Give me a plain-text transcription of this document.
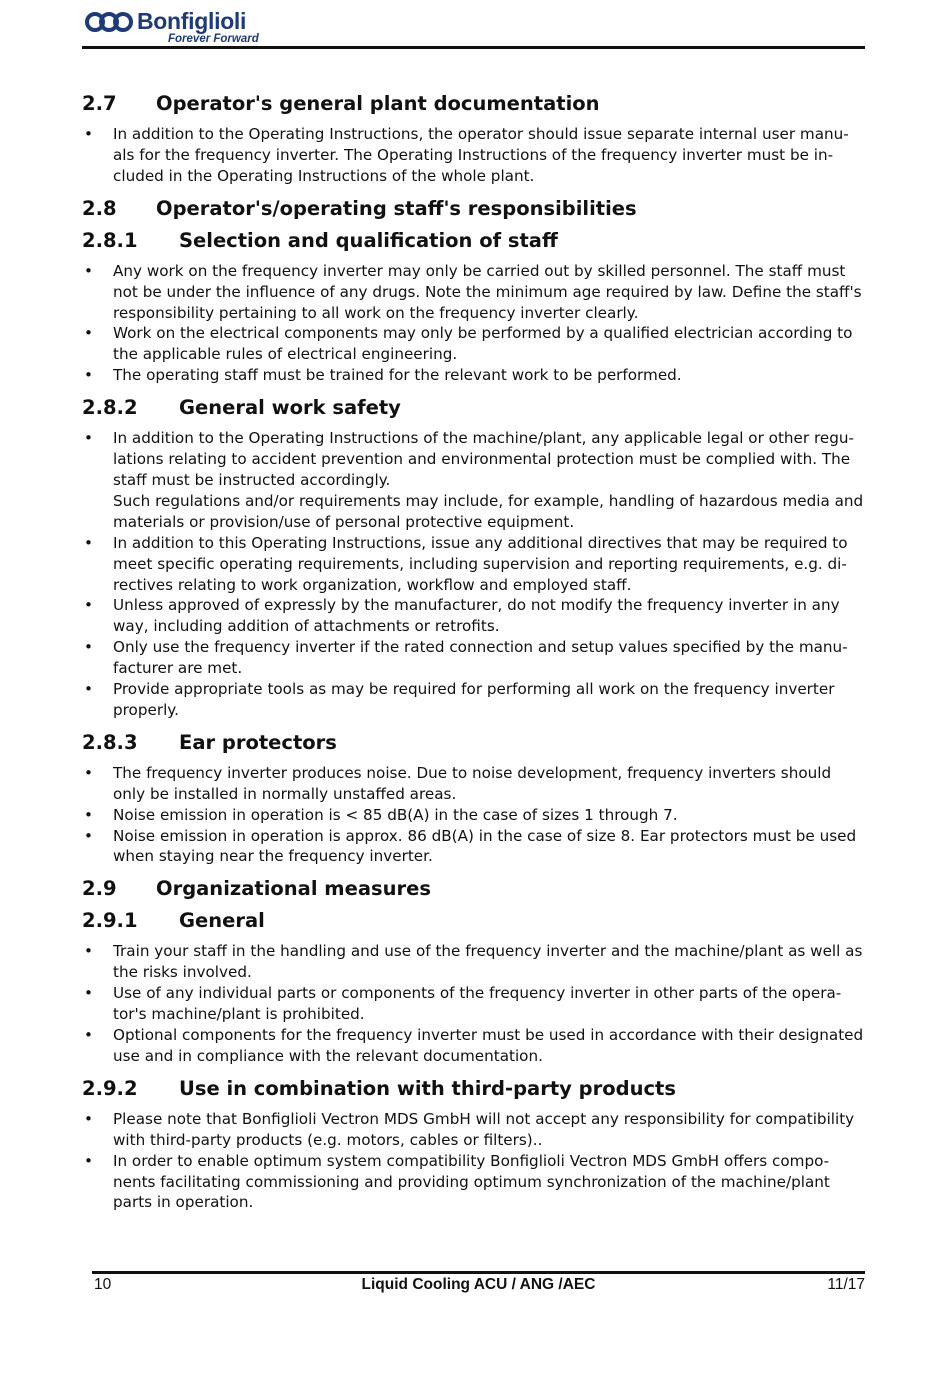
Bonfiglioli
Forever Forward
2.7 Operator's general plant documentation
• In addition to the Operating Instructions, the operator should issue separate internal user manu-als for the frequency inverter. The Operating Instructions of the frequency inverter must be in-cluded in the Operating Instructions of the whole plant.
2.8 Operator's/operating staff's responsibilities
2.8.1 Selection and qualification of staff
• Any work on the frequency inverter may only be carried out by skilled personnel. The staff must not be under the influence of any drugs. Note the minimum age required by law. Define the staff's responsibility pertaining to all work on the frequency inverter clearly.
• Work on the electrical components may only be performed by a qualified electrician according to the applicable rules of electrical engineering.
• The operating staff must be trained for the relevant work to be performed.
2.8.2 General work safety
• In addition to the Operating Instructions of the machine/plant, any applicable legal or other regu-lations relating to accident prevention and environmental protection must be complied with. The staff must be instructed accordingly.

Such regulations and/or requirements may include, for example, handling of hazardous media and materials or provision/use of personal protective equipment.

• In addition to this Operating Instructions, issue any additional directives that may be required to meet specific operating requirements, including supervision and reporting requirements, e.g. di-rectives relating to work organization, workflow and employed staff.
• Unless approved of expressly by the manufacturer, do not modify the frequency inverter in any way, including addition of attachments or retrofits.
• Only use the frequency inverter if the rated connection and setup values specified by the manu-facturer are met.
• Provide appropriate tools as may be required for performing all work on the frequency inverter properly.
2.8.3 Ear protectors
• The frequency inverter produces noise. Due to noise development, frequency inverters should only be installed in normally unstaffed areas.
• Noise emission in operation is < 85 dB(A) in the case of sizes 1 through 7.
• Noise emission in operation is approx. 86 dB(A) in the case of size 8. Ear protectors must be used when staying near the frequency inverter.
2.9 Organizational measures
2.9.1 General
• Train your staff in the handling and use of the frequency inverter and the machine/plant as well as the risks involved.
• Use of any individual parts or components of the frequency inverter in other parts of the opera-tor's machine/plant is prohibited.
• Optional components for the frequency inverter must be used in accordance with their designated use and in compliance with the relevant documentation.
2.9.2 Use in combination with third-party products
• Please note that Bonfiglioli Vectron MDS GmbH will not accept any responsibility for compatibility with third-party products (e.g. motors, cables or filters)..
• In order to enable optimum system compatibility Bonfiglioli Vectron MDS GmbH offers compo-nents facilitating commissioning and providing optimum synchronization of the machine/plant parts in operation.
10	Liquid Cooling ACU / ANG /AEC	11/17
